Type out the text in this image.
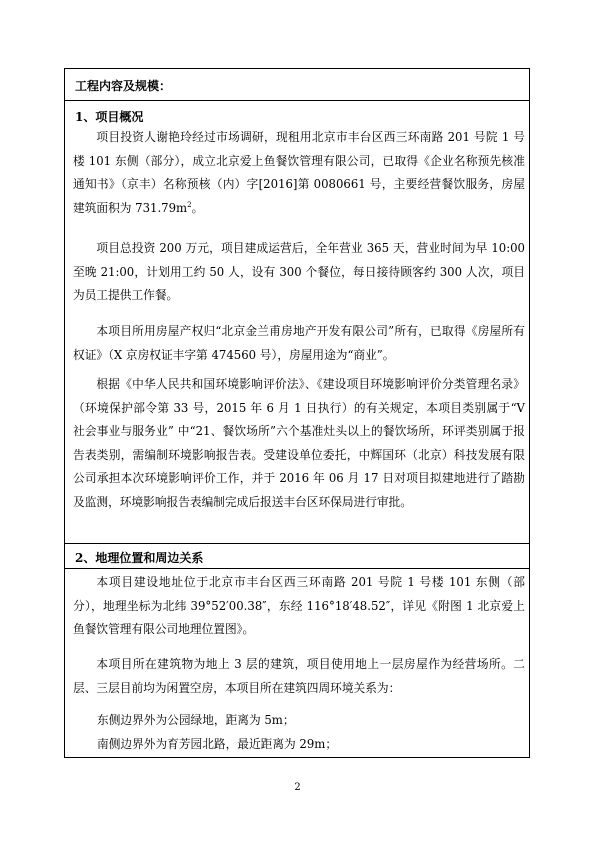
工程内容及规模：
1、项目概况

项目投资人谢艳玲经过市场调研，现租用北京市丰台区西三环南路 201 号院 1 号楼 101 东侧（部分），成立北京爱上鱼餐饮管理有限公司，已取得《企业名称预先核准通知书》（京丰）名称预核（内）字[2016]第 0080661 号，主要经营餐饮服务，房屋建筑面积为 $731.79m^2$。

项目总投资 200 万元，项目建成运营后，全年营业 365 天，营业时间为早 10:00 至晚 21:00，计划用工约 50 人，设有 300 个餐位，每日接待顾客约 300 人次，项目为员工提供工作餐。

本项目所用房屋产权归“北京金兰甫房地产开发有限公司”所有，已取得《房屋所有权证》（X 京房权证丰字第 474560 号），房屋用途为“商业”。

根据《中华人民共和国环境影响评价法》、《建设项目环境影响评价分类管理名录》（环境保护部令第 33 号，2015 年 6 月 1 日执行）的有关规定，本项目类别属于“V 社会事业与服务业” 中“21、餐饮场所”六个基准灶头以上的餐饮场所，环评类别属于报告表类别，需编制环境影响报告表。受建设单位委托，中辉国环（北京）科技发展有限公司承担本次环境影响评价工作，并于 2016 年 06 月 17 日对项目拟建地进行了踏勘及监测，环境影响报告表编制完成后报送丰台区环保局进行审批。

2、地理位置和周边关系

本项目建设地址位于北京市丰台区西三环南路 201 号院 1 号楼 101 东侧（部分），地理坐标为北纬 39°52′00.38″，东经 116°18′48.52″，详见《附图 1 北京爱上鱼餐饮管理有限公司地理位置图》。

本项目所在建筑物为地上 3 层的建筑，项目使用地上一层房屋作为经营场所。二层、三层目前均为闲置空房，本项目所在建筑四周环境关系为：

东侧边界外为公园绿地，距离为 5m；
南侧边界外为育芳园北路，最近距离为 29m；
2
